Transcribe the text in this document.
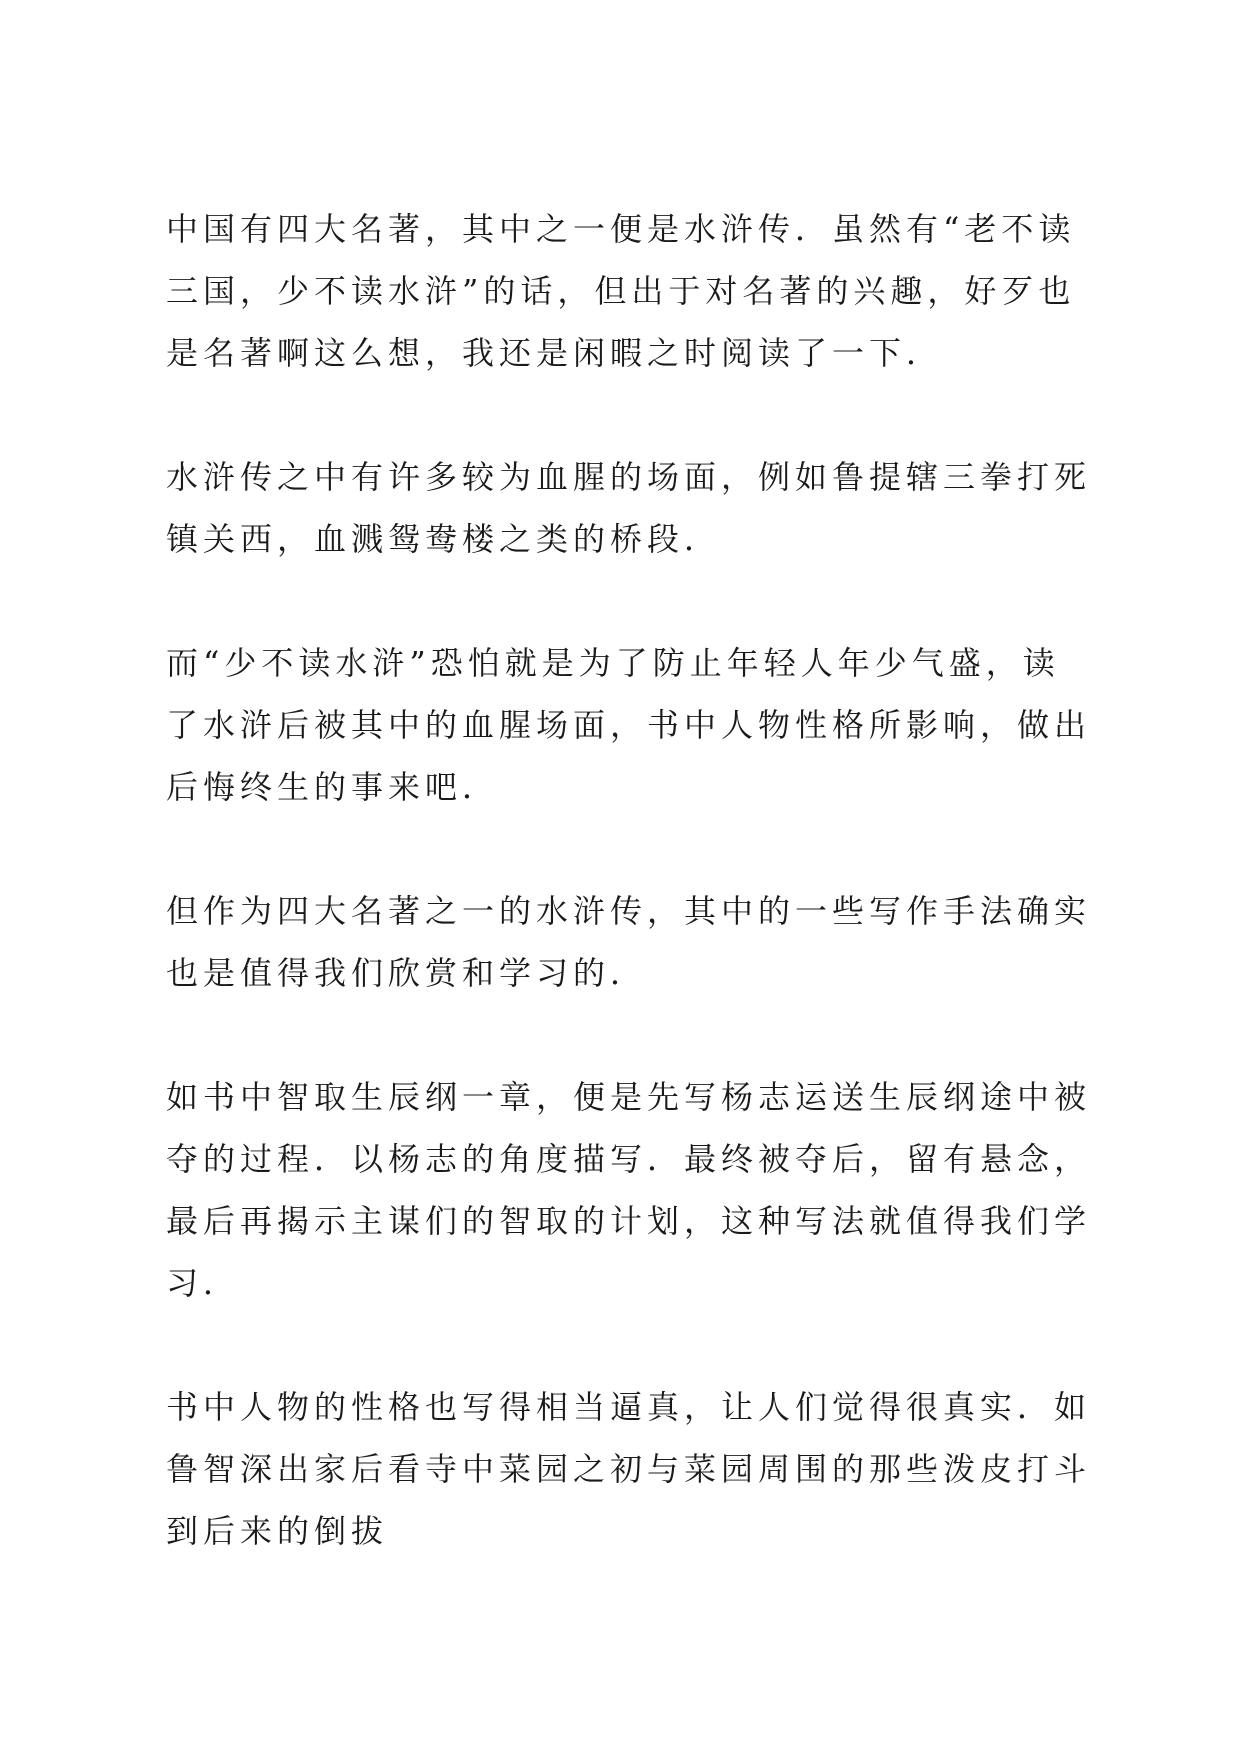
中国有四大名著，其中之一便是水浒传．虽然有“老不读三国，少不读水浒”的话，但出于对名著的兴趣，好歹也是名著啊这么想，我还是闲暇之时阅读了一下．

水浒传之中有许多较为血腥的场面，例如鲁提辖三拳打死镇关西，血溅鸳鸯楼之类的桥段．

而“少不读水浒”恐怕就是为了防止年轻人年少气盛，读了水浒后被其中的血腥场面，书中人物性格所影响，做出后悔终生的事来吧．

但作为四大名著之一的水浒传，其中的一些写作手法确实也是值得我们欣赏和学习的．

如书中智取生辰纲一章，便是先写杨志运送生辰纲途中被夺的过程．以杨志的角度描写．最终被夺后，留有悬念，最后再揭示主谋们的智取的计划，这种写法就值得我们学习．

书中人物的性格也写得相当逼真，让人们觉得很真实．如鲁智深出家后看寺中菜园之初与菜园周围的那些泼皮打斗到后来的倒拔
